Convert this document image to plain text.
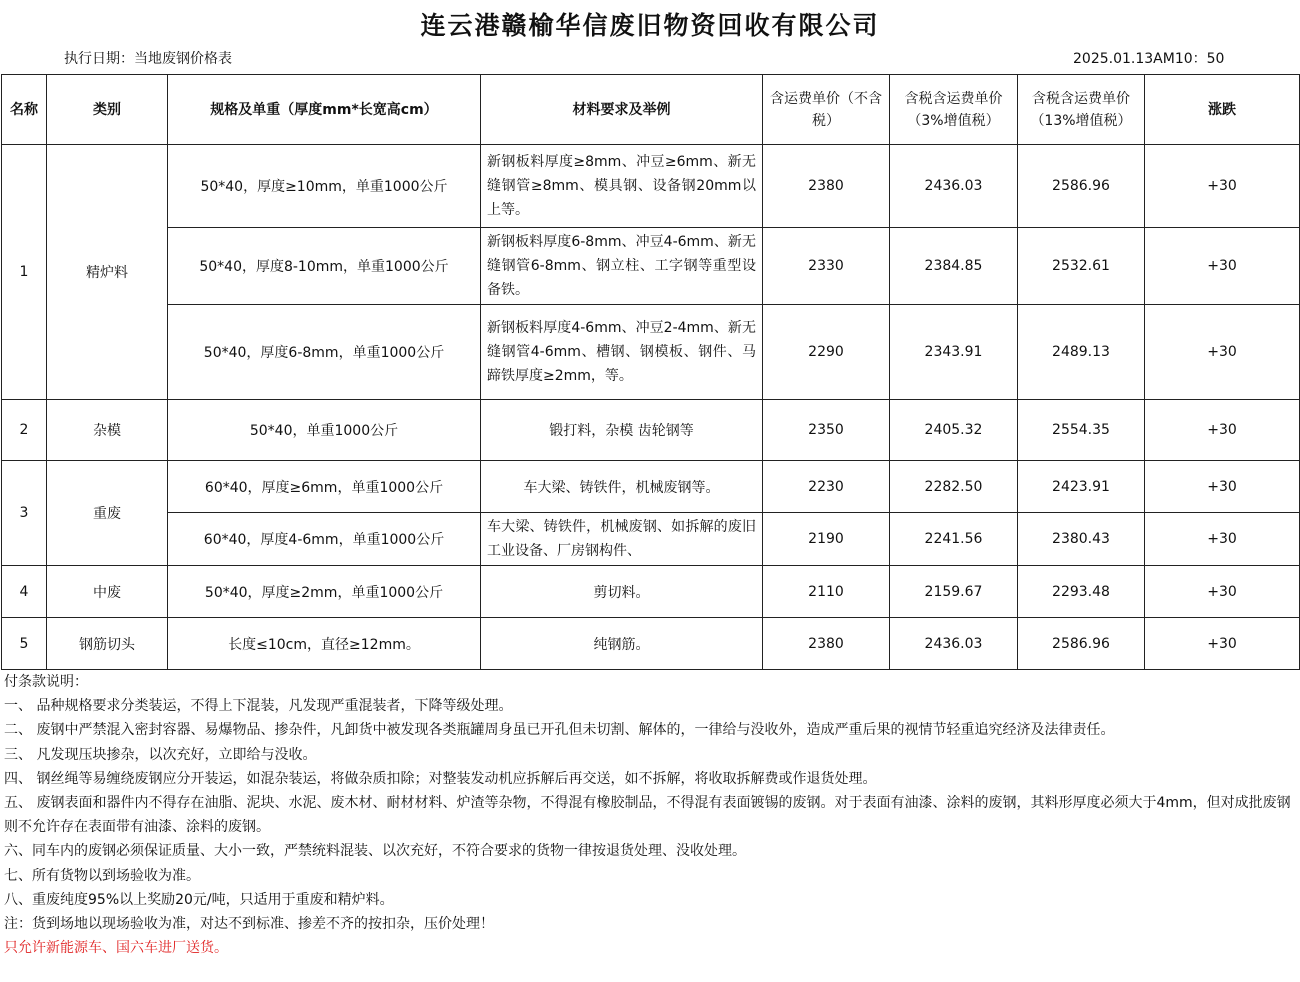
连云港赣榆华信废旧物资回收有限公司
执行日期：当地废钢价格表	2025.01.13AM10：50
名称	类别	规格及单重（厚度mm*长宽高cm）	材料要求及举例	含运费单价（不含税）	含税含运费单价（3%增值税）	含税含运费单价（13%增值税）	涨跌
1	精炉料	50*40，厚度≥10mm，单重1000公斤	新钢板料厚度≥8mm、冲豆≥6mm、新无缝钢管≥8mm、模具钢、设备钢20mm以上等。	2380	2436.03	2586.96	+30
		50*40，厚度8-10mm，单重1000公斤	新钢板料厚度6-8mm、冲豆4-6mm、新无缝钢管6-8mm、钢立柱、工字钢等重型设备铁。	2330	2384.85	2532.61	+30
		50*40，厚度6-8mm，单重1000公斤	新钢板料厚度4-6mm、冲豆2-4mm、新无缝钢管4-6mm、槽钢、钢模板、钢件、马蹄铁厚度≥2mm，等。	2290	2343.91	2489.13	+30
2	杂模	50*40，单重1000公斤	锻打料，杂模 齿轮钢等	2350	2405.32	2554.35	+30
3	重废	60*40，厚度≥6mm，单重1000公斤	车大梁、铸铁件，机械废钢等。	2230	2282.50	2423.91	+30
		60*40，厚度4-6mm，单重1000公斤	车大梁、铸铁件，机械废钢、如拆解的废旧工业设备、厂房钢构件、	2190	2241.56	2380.43	+30
4	中废	50*40，厚度≥2mm，单重1000公斤	剪切料。	2110	2159.67	2293.48	+30
5	钢筋切头	长度≤10cm，直径≥12mm。	纯钢筋。	2380	2436.03	2586.96	+30
付条款说明：
一、 品种规格要求分类装运，不得上下混装，凡发现严重混装者，下降等级处理。
二、 废钢中严禁混入密封容器、易爆物品、掺杂件，凡卸货中被发现各类瓶罐周身虽已开孔但未切割、解体的，一律给与没收外，造成严重后果的视情节轻重追究经济及法律责任。
三、 凡发现压块掺杂，以次充好，立即给与没收。
四、 钢丝绳等易缠绕废钢应分开装运，如混杂装运，将做杂质扣除；对整装发动机应拆解后再交送，如不拆解，将收取拆解费或作退货处理。
五、 废钢表面和器件内不得存在油脂、泥块、水泥、废木材、耐材材料、炉渣等杂物，不得混有橡胶制品，不得混有表面镀锡的废钢。对于表面有油漆、涂料的废钢，其料形厚度必须大于4mm，但对成批废钢则不允许存在表面带有油漆、涂料的废钢。
六、同车内的废钢必须保证质量、大小一致，严禁统料混装、以次充好，不符合要求的货物一律按退货处理、没收处理。
七、所有货物以到场验收为准。
八、重废纯度95%以上奖励20元/吨，只适用于重废和精炉料。
注：货到场地以现场验收为准，对达不到标准、掺差不齐的按扣杂，压价处理！
只允许新能源车、国六车进厂送货。
